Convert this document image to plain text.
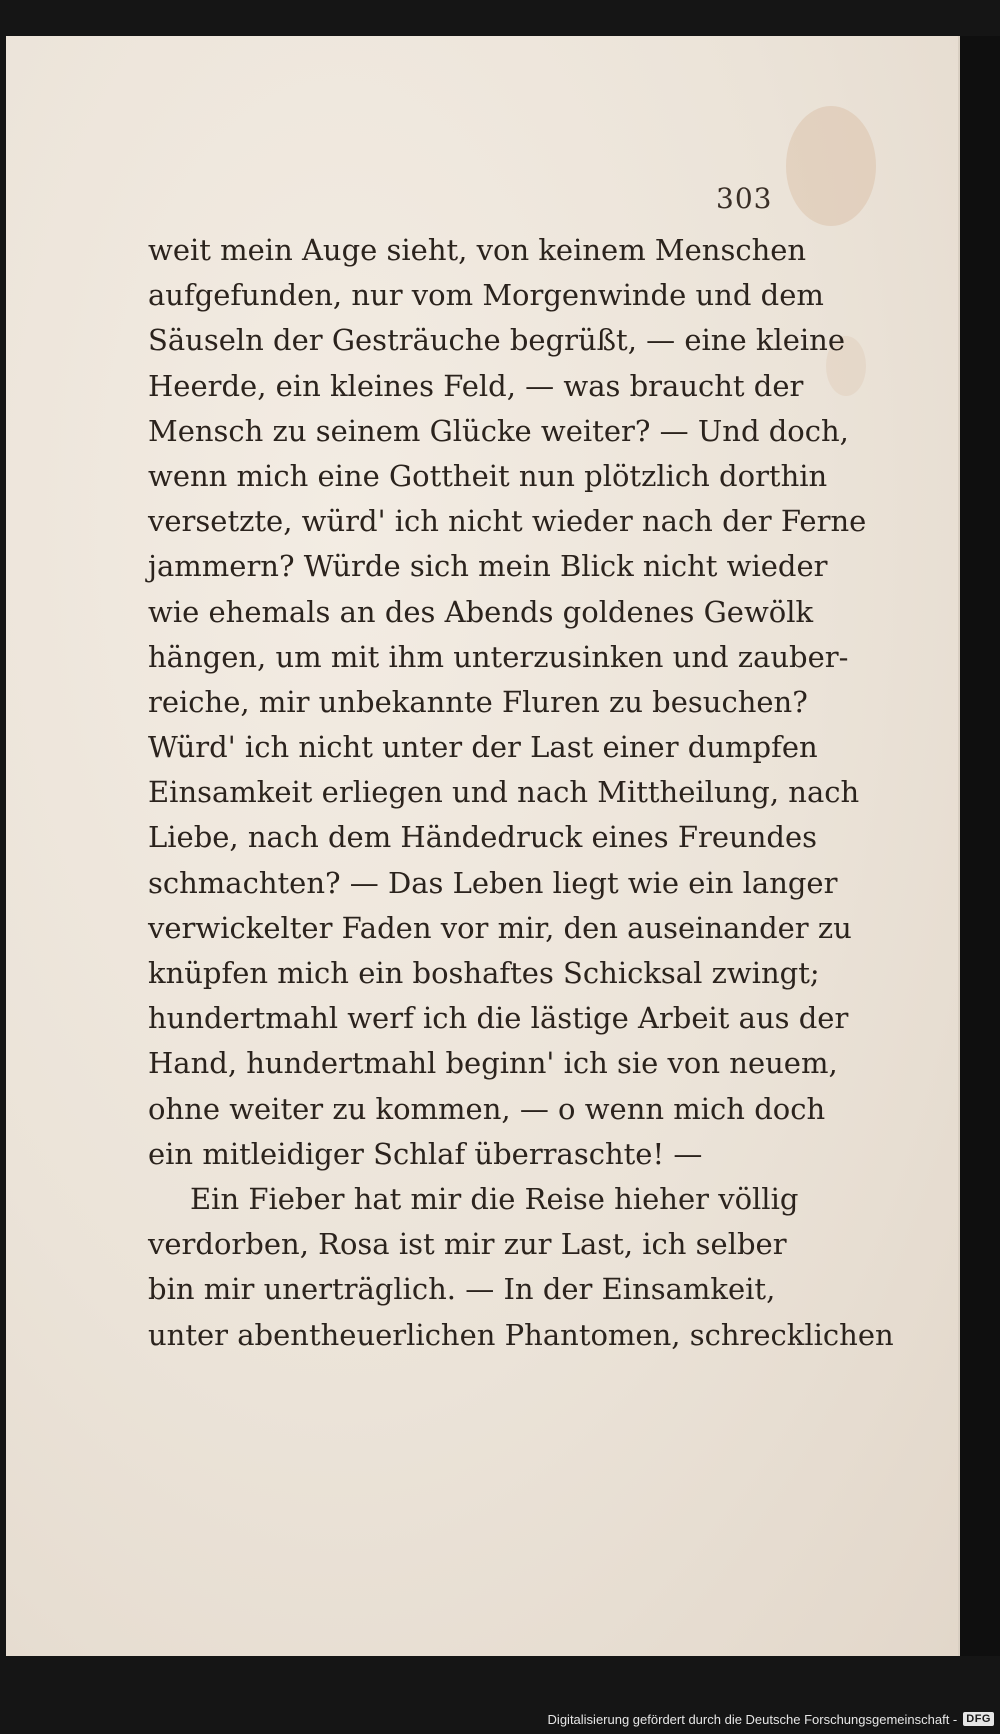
303
weit mein Auge sieht, von keinem Menschen
aufgefunden, nur vom Morgenwinde und dem
Säuseln der Gesträuche begrüßt, — eine kleine
Heerde, ein kleines Feld, — was braucht der
Mensch zu seinem Glücke weiter? — Und doch,
wenn mich eine Gottheit nun plötzlich dorthin
versetzte, würd' ich nicht wieder nach der Ferne
jammern? Würde sich mein Blick nicht wieder
wie ehemals an des Abends goldenes Gewölk
hängen, um mit ihm unterzusinken und zauber-
reiche, mir unbekannte Fluren zu besuchen?
Würd' ich nicht unter der Last einer dumpfen
Einsamkeit erliegen und nach Mittheilung, nach
Liebe, nach dem Händedruck eines Freundes
schmachten? — Das Leben liegt wie ein langer
verwickelter Faden vor mir, den auseinander zu
knüpfen mich ein boshaftes Schicksal zwingt;
hundertmahl werf ich die lästige Arbeit aus der
Hand, hundertmahl beginn' ich sie von neuem,
ohne weiter zu kommen, — o wenn mich doch
ein mitleidiger Schlaf überraschte! —
Ein Fieber hat mir die Reise hieher völlig
verdorben, Rosa ist mir zur Last, ich selber
bin mir unerträglich. — In der Einsamkeit,
unter abentheuerlichen Phantomen, schrecklichen
Digitalisierung gefördert durch die Deutsche Forschungsgemeinschaft - DFG
